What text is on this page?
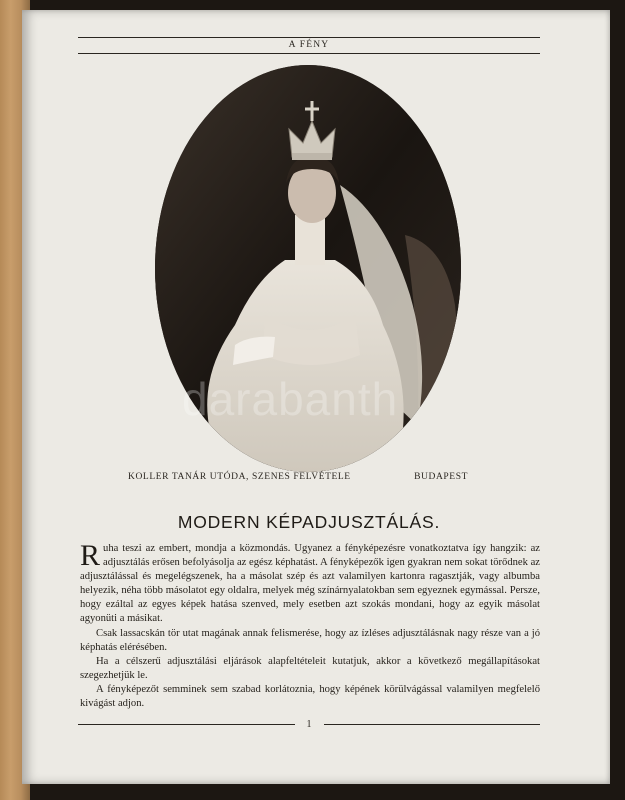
A FÉNY
KOLLER TANÁR UTÓDA, SZENES FELVÉTELE	BUDAPEST
MODERN KÉPADJUSZTÁLÁS.

Ruha teszi az embert, mondja a közmondás. Ugyanez a fényképezésre vonatkoztatva így hangzik: az adjusztálás erősen befolyásolja az egész képhatást. A fényképezők igen gyakran nem sokat törődnek az adjusztálással és megelégszenek, ha a másolat szép és azt valamilyen kartonra ragasztják, vagy albumba helyezik, néha több másolatot egy oldalra, melyek még színárnyalatokban sem egyeznek egymással. Persze, hogy ezáltal az egyes képek hatása szenved, mely esetben azt szokás mondani, hogy az egyik másolat agyonüti a másikat.

Csak lassacskán tör utat magának annak felismerése, hogy az ízléses adjusztálásnak nagy része van a jó képhatás elérésében.

Ha a célszerű adjusztálási eljárások alapfeltételeit kutatjuk, akkor a következő megállapításokat szegezhetjük le.

A fényképezőt semminek sem szabad korlátoznia, hogy képének körülvágással valamilyen megfelelő kivágást adjon.

1
darabanth
